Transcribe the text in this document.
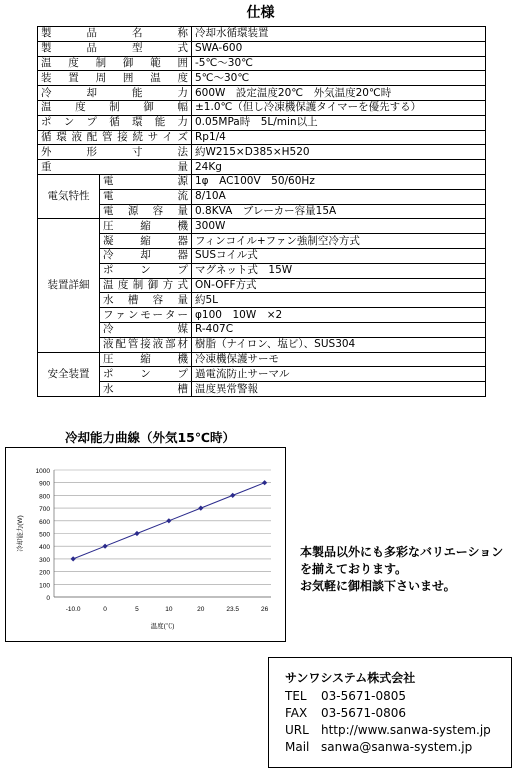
仕様
製品名称		冷却水循環装置
製品型式		SWA-600
温度制御範囲		-5℃～30℃
装置周囲温度		5℃～30℃
冷却能力		600W　設定温度20℃　外気温度20℃時
温度制御幅		±1.0℃（但し冷凍機保護タイマーを優先する）
ポンプ循環能力		0.05MPa時　5L/min以上
循環液配管接続サイズ		Rp1/4
外形寸法		約W215×D385×H520
重量		24Kg
電気特性	電源	1φ　AC100V　50/60Hz
	電流	8/10A
	電源容量	0.8KVA　ブレーカー容量15A
装置詳細	圧縮機	300W
	凝縮器	フィンコイル+ファン強制空冷方式
	冷却器	SUSコイル式
	ポンプ	マグネット式　15W
	温度制御方式	ON-OFF方式
	水槽容量	約5L
	ファンモーター	φ100　10W　×2
	冷媒	R-407C
	液配管接液部材	樹脂（ナイロン、塩ビ）、SUS304
安全装置	圧縮機	冷凍機保護サーモ
	ポンプ	過電流防止サーマル
	水槽	温度異常警報
冷却能力曲線（外気15℃時）
0
100
200
300
400
500
600
700
800
900
1000
-10.0	0	5	10	20	23.5	26
温度(℃)
冷却能力(W)
本製品以外にも多彩なバリエーション
を揃えております。
お気軽に御相談下さいませ。
サンワシステム株式会社
TEL 03-5671-0805
FAX 03-5671-0806
URL http://www.sanwa-system.jp
Mail sanwa@sanwa-system.jp
